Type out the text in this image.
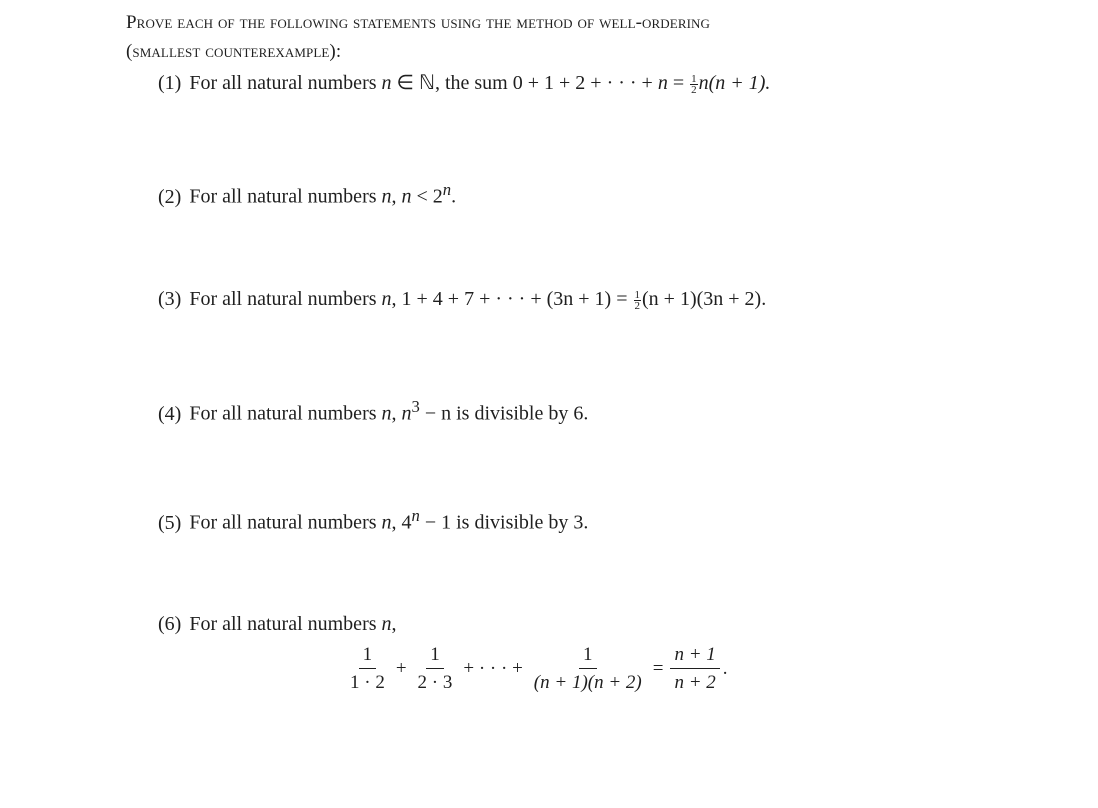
Prove each of the following statements using the method of well-ordering
(smallest counterexample):
(1) For all natural numbers n ∈ ℕ, the sum 0 + 1 + 2 + · · · + $n = \frac{1}{2} n(n + 1)$.
(2) For all natural numbers n, $n < 2^n$.
(3) For all natural numbers n, 1 + 4 + 7 + · · · + $(3n + 1) = \frac{1}{2} (n + 1)(3n + 2)$.
(4) For all natural numbers n, $n^3 - n$ is divisible by 6.
(5) For all natural numbers n, $4^n - 1$ is divisible by 3.
(6) For all natural numbers n,
$\frac{1}{1 \cdot 2} + \frac{1}{2 \cdot 3}$ + · · · + $\frac{1}{(n + 1)(n + 2)} = \frac{n + 1}{n + 2}$ .
